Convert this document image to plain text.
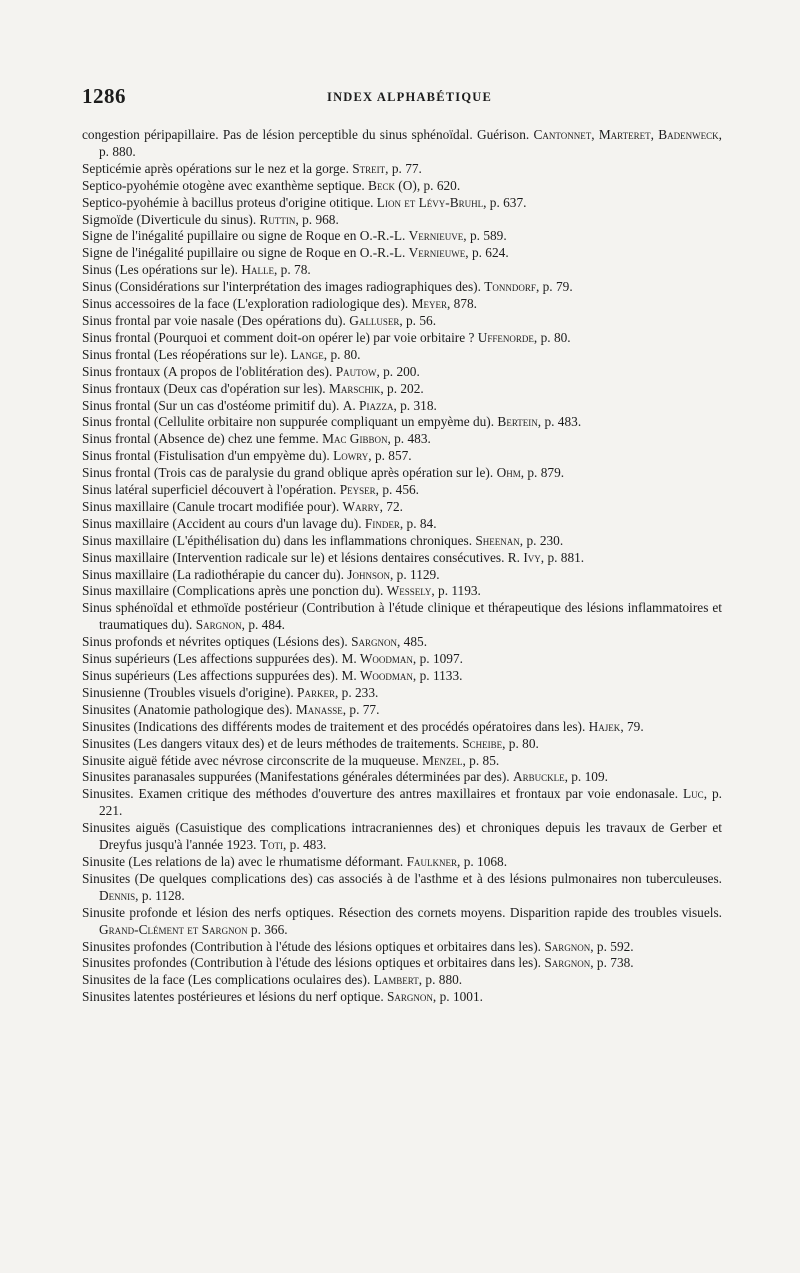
1286	INDEX ALPHABÉTIQUE
congestion péripapillaire. Pas de lésion perceptible du sinus sphénoïdal. Guérison. Cantonnet, Marteret, Badenweck, p. 880.
Septicémie après opérations sur le nez et la gorge. Streit, p. 77.
Septico-pyohémie otogène avec exanthème septique. Beck (O), p. 620.
Septico-pyohémie à bacillus proteus d'origine otitique. Lion et Lévy-Bruhl, p. 637.
Sigmoïde (Diverticule du sinus). Ruttin, p. 968.
Signe de l'inégalité pupillaire ou signe de Roque en O.-R.-L. Vernieuve, p. 589.
Signe de l'inégalité pupillaire ou signe de Roque en O.-R.-L. Vernieuwe, p. 624.
Sinus (Les opérations sur le). Halle, p. 78.
Sinus (Considérations sur l'interprétation des images radiographiques des). Tonndorf, p. 79.
Sinus accessoires de la face (L'exploration radiologique des). Meyer, 878.
Sinus frontal par voie nasale (Des opérations du). Galluser, p. 56.
Sinus frontal (Pourquoi et comment doit-on opérer le) par voie orbitaire ? Uffenorde, p. 80.
Sinus frontal (Les réopérations sur le). Lange, p. 80.
Sinus frontaux (A propos de l'oblitération des). Pautow, p. 200.
Sinus frontaux (Deux cas d'opération sur les). Marschik, p. 202.
Sinus frontal (Sur un cas d'ostéome primitif du). A. Piazza, p. 318.
Sinus frontal (Cellulite orbitaire non suppurée compliquant un empyème du). Bertein, p. 483.
Sinus frontal (Absence de) chez une femme. Mac Gibbon, p. 483.
Sinus frontal (Fistulisation d'un empyème du). Lowry, p. 857.
Sinus frontal (Trois cas de paralysie du grand oblique après opération sur le). Ohm, p. 879.
Sinus latéral superficiel découvert à l'opération. Peyser, p. 456.
Sinus maxillaire (Canule trocart modifiée pour). Warry, 72.
Sinus maxillaire (Accident au cours d'un lavage du). Finder, p. 84.
Sinus maxillaire (L'épithélisation du) dans les inflammations chroniques. Sheenan, p. 230.
Sinus maxillaire (Intervention radicale sur le) et lésions dentaires consécutives. R. Ivy, p. 881.
Sinus maxillaire (La radiothérapie du cancer du). Johnson, p. 1129.
Sinus maxillaire (Complications après une ponction du). Wessely, p. 1193.
Sinus sphénoïdal et ethmoïde postérieur (Contribution à l'étude clinique et thérapeutique des lésions inflammatoires et traumatiques du). Sargnon, p. 484.
Sinus profonds et névrites optiques (Lésions des). Sargnon, 485.
Sinus supérieurs (Les affections suppurées des). M. Woodman, p. 1097.
Sinus supérieurs (Les affections suppurées des). M. Woodman, p. 1133.
Sinusienne (Troubles visuels d'origine). Parker, p. 233.
Sinusites (Anatomie pathologique des). Manasse, p. 77.
Sinusites (Indications des différents modes de traitement et des procédés opératoires dans les). Hajek, 79.
Sinusites (Les dangers vitaux des) et de leurs méthodes de traitements. Scheibe, p. 80.
Sinusite aiguë fétide avec névrose circonscrite de la muqueuse. Menzel, p. 85.
Sinusites paranasales suppurées (Manifestations générales déterminées par des). Arbuckle, p. 109.
Sinusites. Examen critique des méthodes d'ouverture des antres maxillaires et frontaux par voie endonasale. Luc, p. 221.
Sinusites aiguës (Casuistique des complications intracraniennes des) et chroniques depuis les travaux de Gerber et Dreyfus jusqu'à l'année 1923. Toti, p. 483.
Sinusite (Les relations de la) avec le rhumatisme déformant. Faulkner, p. 1068.
Sinusites (De quelques complications des) cas associés à de l'asthme et à des lésions pulmonaires non tuberculeuses. Dennis, p. 1128.
Sinusite profonde et lésion des nerfs optiques. Résection des cornets moyens. Disparition rapide des troubles visuels. Grand-Clément et Sargnon p. 366.
Sinusites profondes (Contribution à l'étude des lésions optiques et orbitaires dans les). Sargnon, p. 592.
Sinusites profondes (Contribution à l'étude des lésions optiques et orbitaires dans les). Sargnon, p. 738.
Sinusites de la face (Les complications oculaires des). Lambert, p. 880.
Sinusites latentes postérieures et lésions du nerf optique. Sargnon, p. 1001.
